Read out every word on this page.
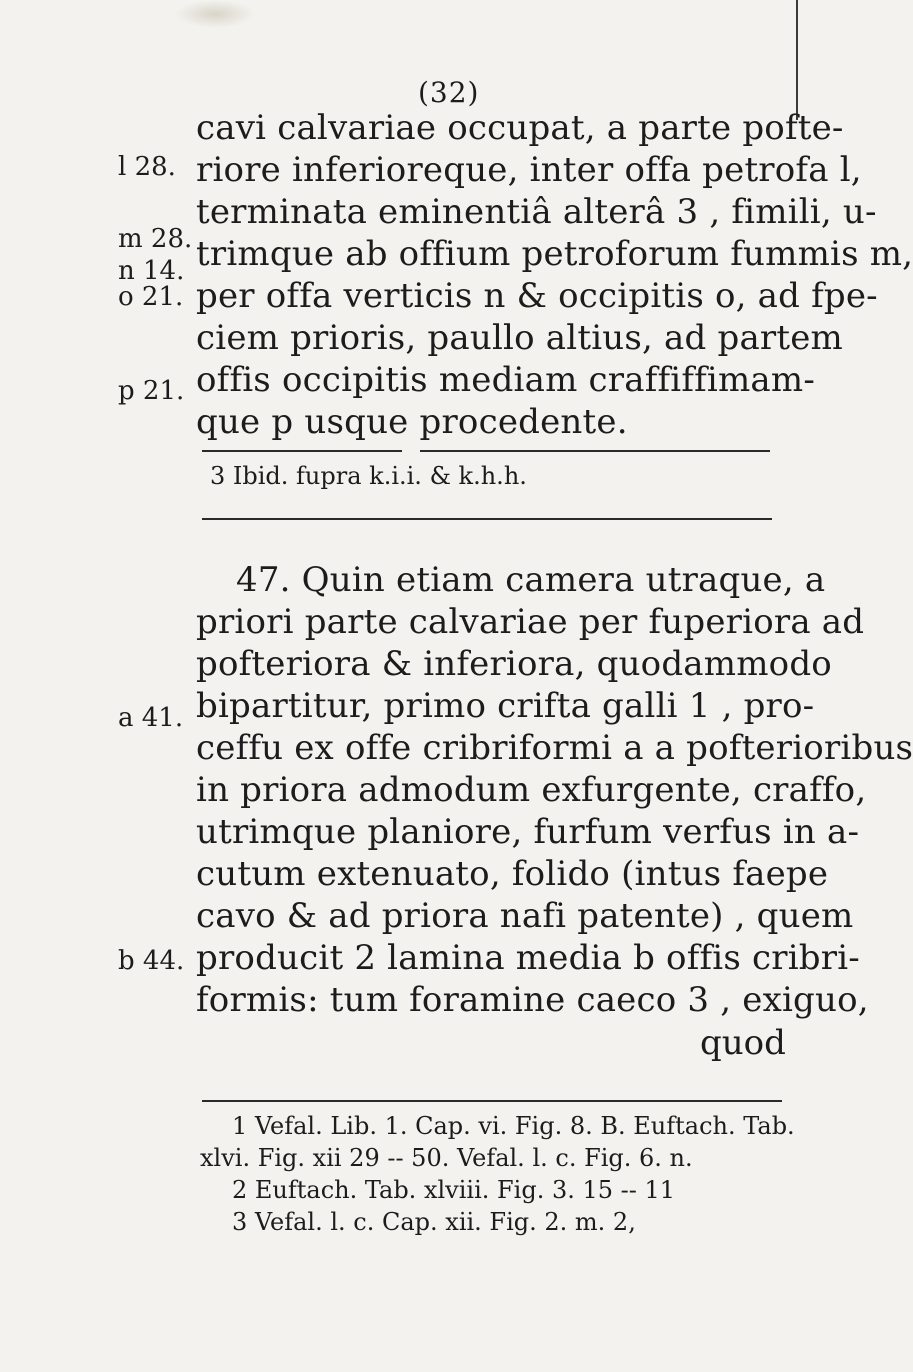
(32)
l 28.
m 28.
n 14.
o 21.
p 21.
a 41.
b 44.
cavi calvariae occupat, a parte pofte-
riore inferioreque, inter offa petrofa l,
terminata eminentiâ alterâ 3 , fimili, u-
trimque ab offium petroforum fummis m,
per offa verticis n & occipitis o, ad fpe-
ciem prioris, paullo altius, ad partem
offis occipitis mediam craffiffimam-
que p usque procedente.
3 Ibid. fupra k.i.i. & k.h.h.
47. Quin etiam camera utraque, a
priori parte calvariae per fuperiora ad
pofteriora & inferiora, quodammodo
bipartitur, primo crifta galli 1 , pro-
ceffu ex offe cribriformi a a pofterioribus
in priora admodum exfurgente, craffo,
utrimque planiore, furfum verfus in a-
cutum extenuato, folido (intus faepe
cavo & ad priora nafi patente) , quem
producit 2 lamina media b offis cribri-
formis: tum foramine caeco 3 , exiguo,
quod
1 Vefal. Lib. 1. Cap. vi. Fig. 8. B. Euftach. Tab.
xlvi. Fig. xii 29 -- 50. Vefal. l. c. Fig. 6. n.
2 Euftach. Tab. xlviii. Fig. 3. 15 -- 11
3 Vefal. l. c. Cap. xii. Fig. 2. m. 2,
